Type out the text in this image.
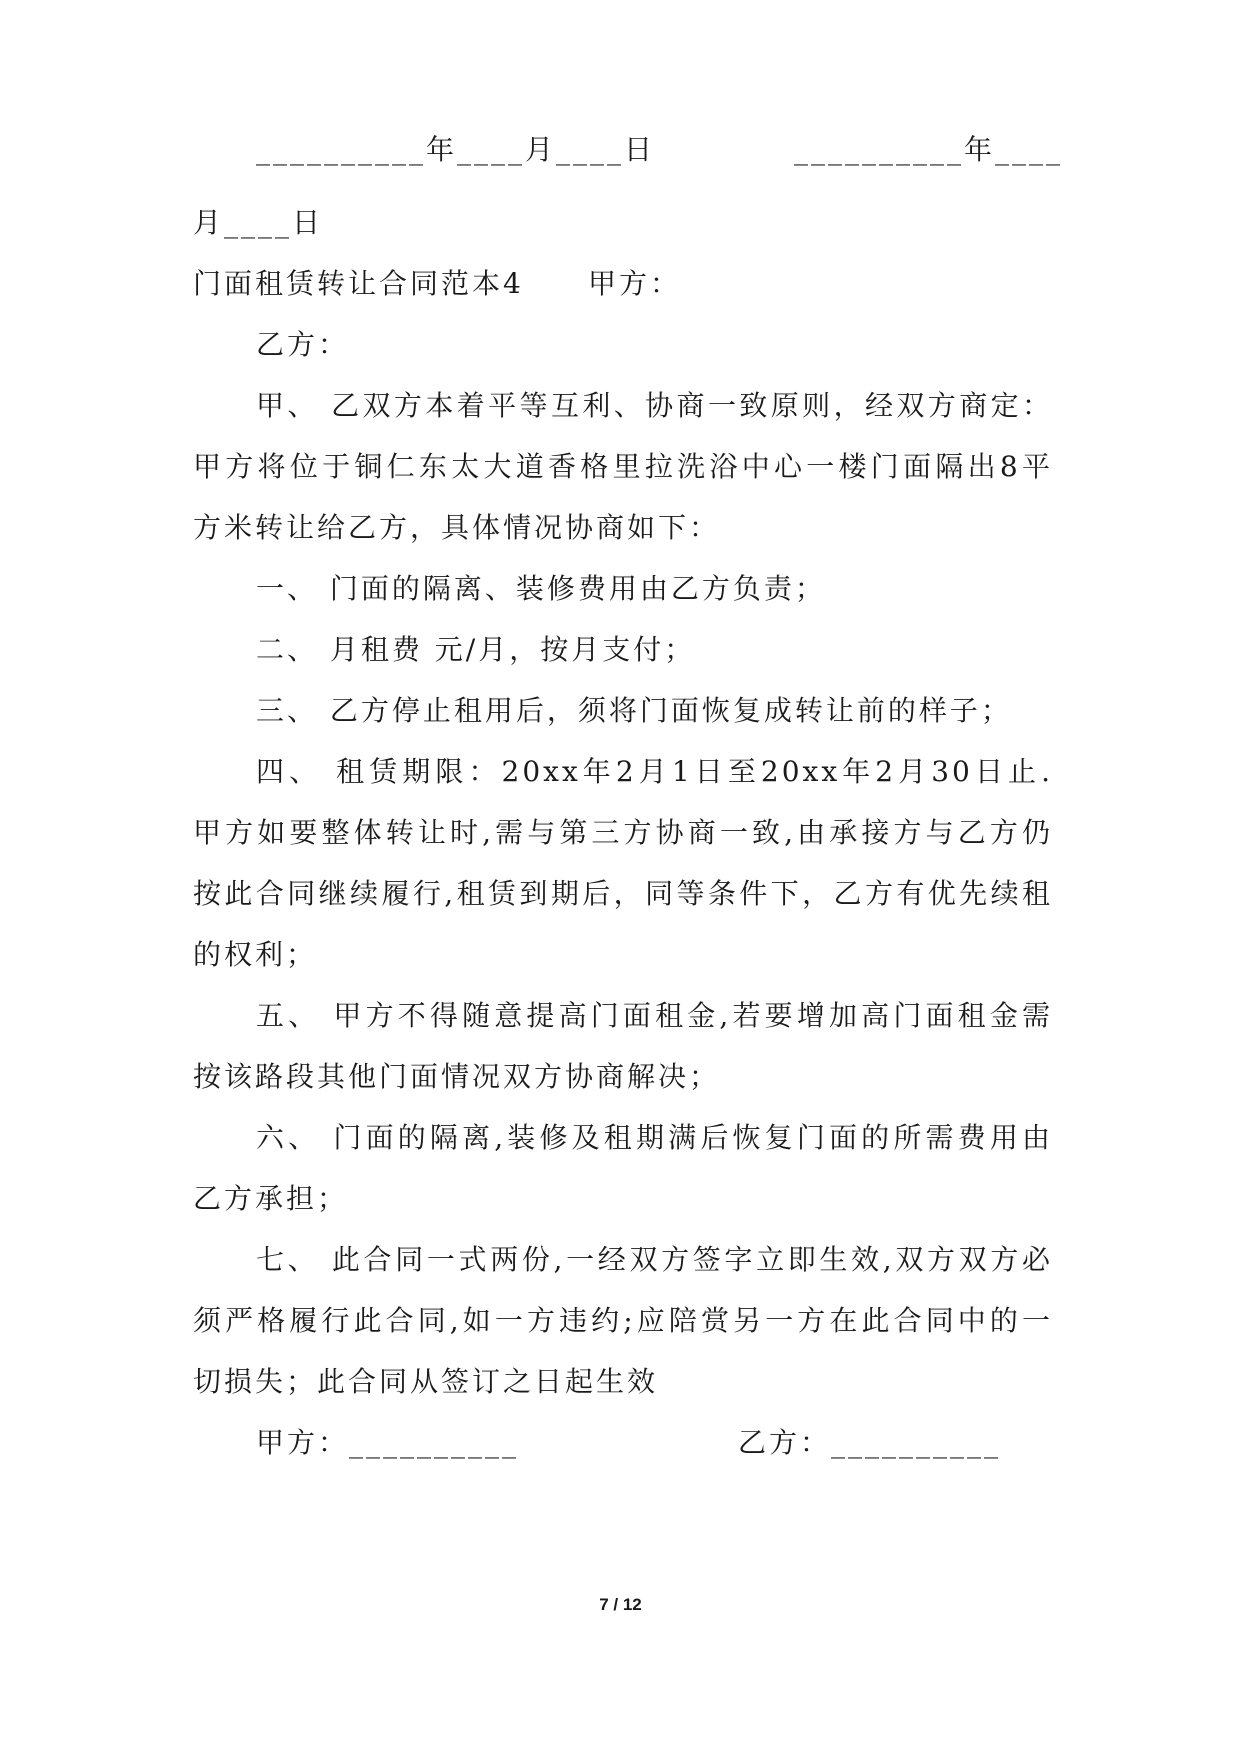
__________年____月____日	__________年____
月____日
门面租赁转让合同范本4 甲方：
乙方：
甲、 乙双方本着平等互利、协商一致原则，经双方商定：
甲方将位于铜仁东太大道香格里拉洗浴中心一楼门面隔出8平
方米转让给乙方，具体情况协商如下：
一、 门面的隔离、装修费用由乙方负责；
二、 月租费 元/月，按月支付；
三、 乙方停止租用后，须将门面恢复成转让前的样子；
四、 租赁期限：20xx年2月1日至20xx年2月30日止.
甲方如要整体转让时,需与第三方协商一致,由承接方与乙方仍
按此合同继续履行,租赁到期后，同等条件下，乙方有优先续租
的权利；
五、 甲方不得随意提高门面租金,若要增加高门面租金需
按该路段其他门面情况双方协商解决；
六、 门面的隔离,装修及租期满后恢复门面的所需费用由
乙方承担；
七、 此合同一式两份,一经双方签字立即生效,双方双方必
须严格履行此合同,如一方违约;应陪赏另一方在此合同中的一
切损失；此合同从签订之日起生效
甲方：__________	乙方：__________
7 / 12
